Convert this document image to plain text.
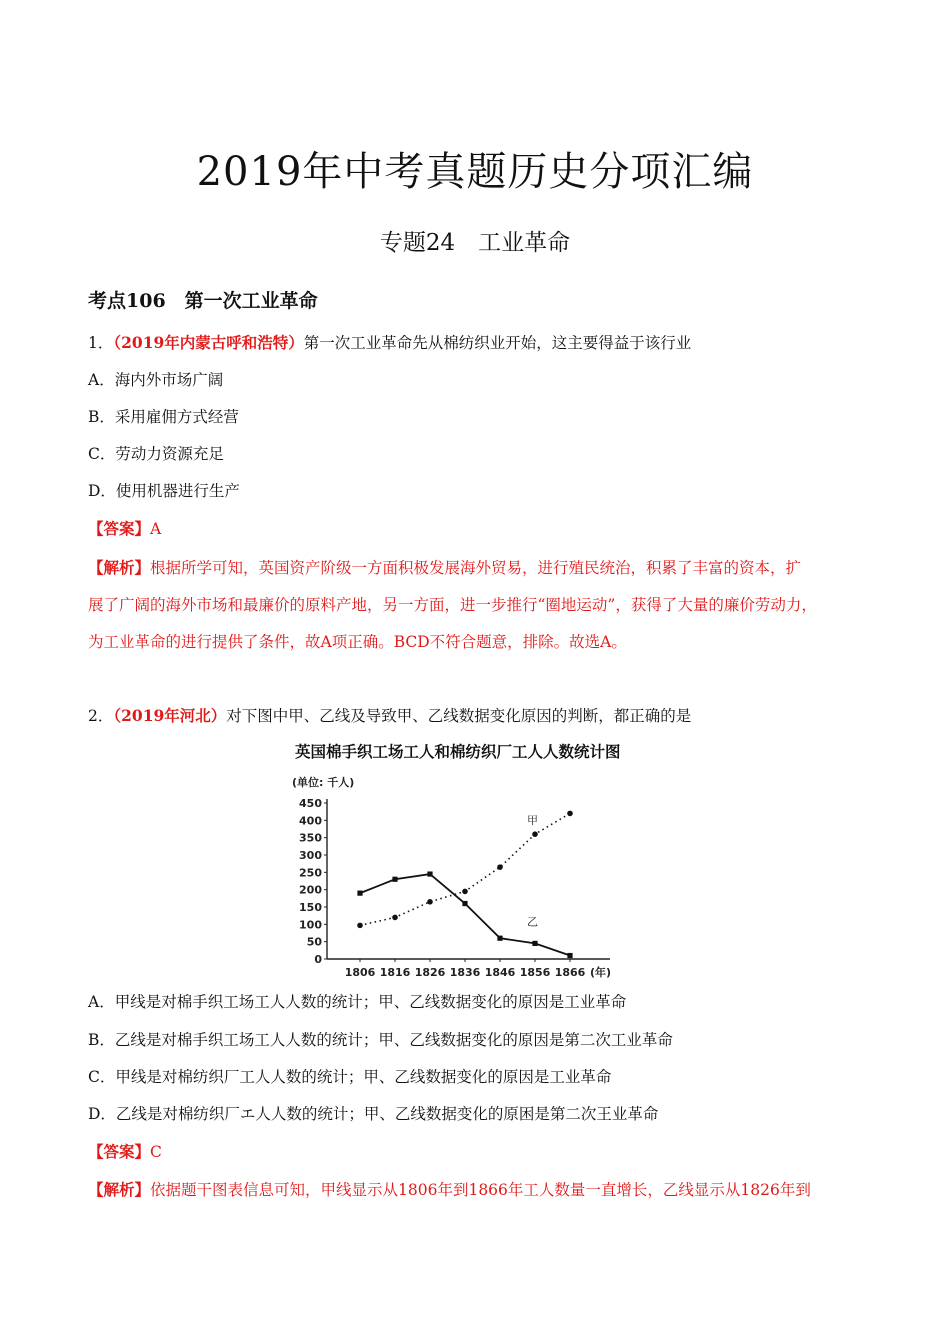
2019年中考真题历史分项汇编
专题24　工业革命
考点106　第一次工业革命
1．（2019年内蒙古呼和浩特）第一次工业革命先从棉纺织业开始，这主要得益于该行业
A．海内外市场广阔
B．采用雇佣方式经营
C．劳动力资源充足
D．使用机器进行生产
【答案】A
【解析】根据所学可知，英国资产阶级一方面积极发展海外贸易，进行殖民统治，积累了丰富的资本，扩
展了广阔的海外市场和最廉价的原料产地，另一方面，进一步推行“圈地运动”，获得了大量的廉价劳动力，
为工业革命的进行提供了条件，故A项正确。BCD不符合题意，排除。故选A。
2．（2019年河北）对下图中甲、乙线及导致甲、乙线数据变化原因的判断，都正确的是
英国棉手织工场工人和棉纺织厂工人人数统计图
(单位: 千人)
0
50
100
150
200
250
300
350
400
450
1806 1816 1826 1836 1846 1856 1866 (年)
甲
乙
A．甲线是对棉手织工场工人人数的统计；甲、乙线数据变化的原因是工业革命
B．乙线是对棉手织工场工人人数的统计；甲、乙线数据变化的原因是第二次工业革命
C．甲线是对棉纺织厂工人人数的统计；甲、乙线数据变化的原因是工业革命
D．乙线是对棉纺织厂エ人人数的统计；甲、乙线数据变化的原困是第二次王业革命
【答案】C
【解析】依据题干图表信息可知，甲线显示从1806年到1866年工人数量一直增长，乙线显示从1826年到
